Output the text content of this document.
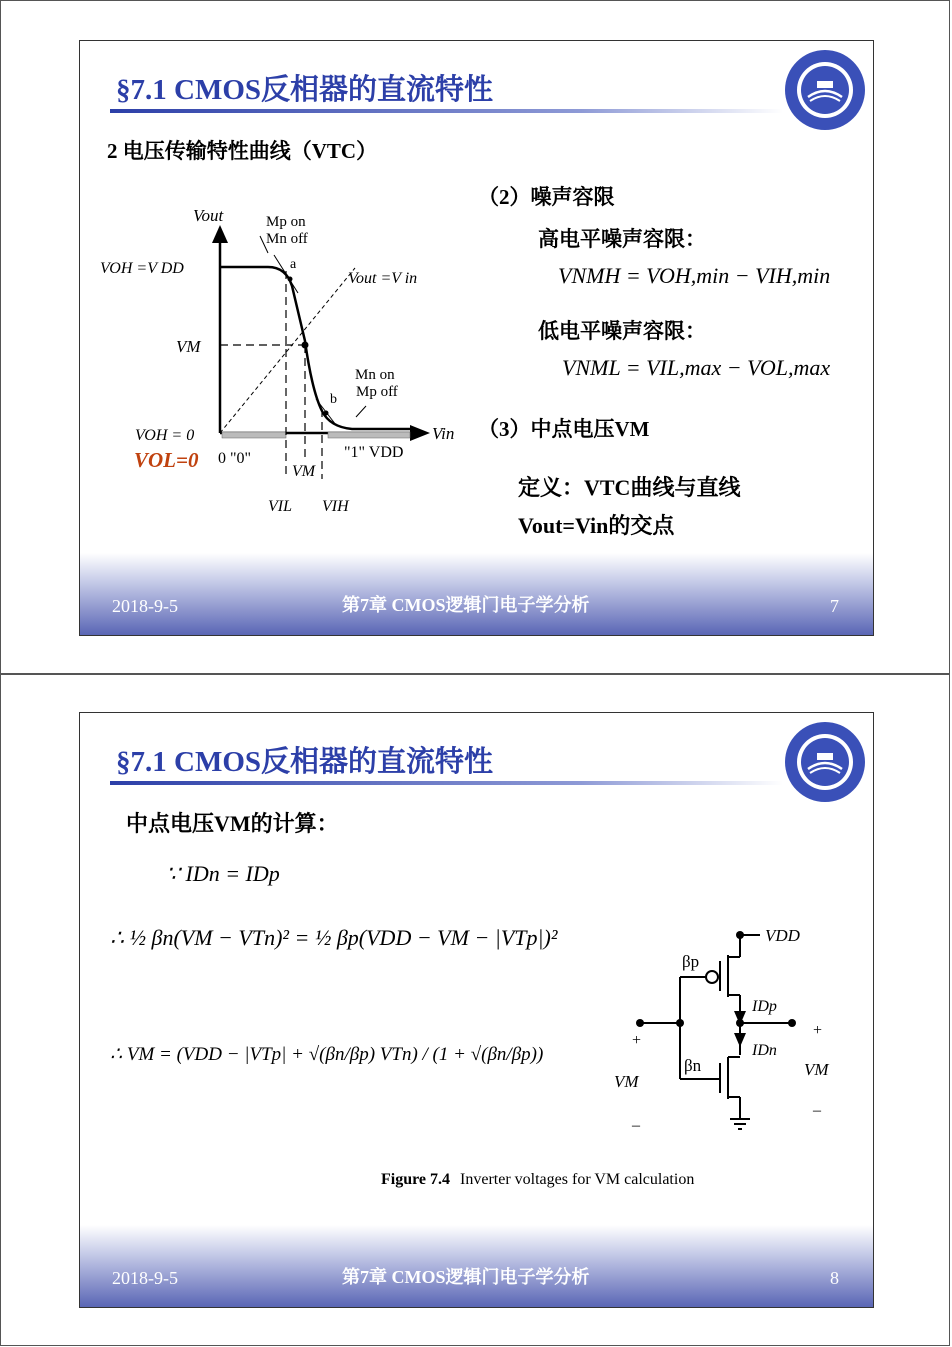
§7.1 CMOS反相器的直流特性
2 电压传输特性曲线（VTC）
Vout	Mp on
Mn off
VOH =V DD	a
Vout =V in
VM
Mn on
Mp off
b
VOH = 0	Vin
VOL=0 0 "0"	"1" VDD
VM
VIL VIH
（2）噪声容限
高电平噪声容限：
VNMH = VOH,min − VIH,min
低电平噪声容限：
VNML = VIL,max − VOL,max
（3）中点电压VM
定义：VTC曲线与直线
Vout=Vin的交点
2018-9-5	第7章 CMOS逻辑门电子学分析	7
§7.1 CMOS反相器的直流特性
中点电压VM的计算：
∵ IDn = IDp
∴ ½ βn(VM − VTn)² = ½ βp(VDD − VM − |VTp|)²
∴ VM = (VDD − |VTp| + √(βn/βp) VTn) / (1 + √(βn/βp))
VDD
βp
IDp
IDn
βn
+
VM
–
+
VM
–
Figure 7.4 Inverter voltages for VM calculation
2018-9-5	第7章 CMOS逻辑门电子学分析	8
